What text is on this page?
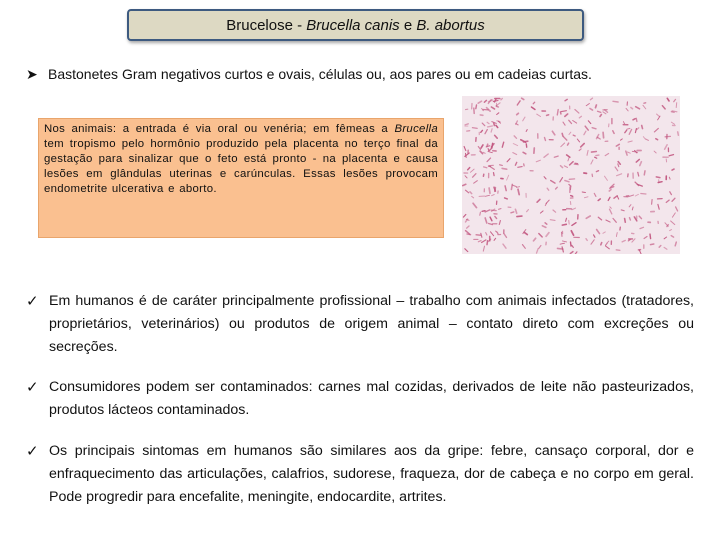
Brucelose - Brucella canis e B. abortus
➤ Bastonetes Gram negativos curtos e ovais, células ou, aos pares ou em cadeias curtas.
Nos animais: a entrada é via oral ou venéria; em fêmeas a Brucella tem tropismo pelo hormônio produzido pela placenta no terço final da gestação para sinalizar que o feto está pronto - na placenta e causa lesões em glândulas uterinas e carúnculas. Essas lesões provocam endometrite ulcerativa e aborto.
✓ Em humanos é de caráter principalmente profissional – trabalho com animais infectados (tratadores, proprietários, veterinários) ou produtos de origem animal – contato direto com excreções ou secreções.
✓ Consumidores podem ser contaminados: carnes mal cozidas, derivados de leite não pasteurizados, produtos lácteos contaminados.
✓ Os principais sintomas em humanos são similares aos da gripe: febre, cansaço corporal, dor e enfraquecimento das articulações, calafrios, sudorese, fraqueza, dor de cabeça e no corpo em geral. Pode progredir para encefalite, meningite, endocardite, artrites.
